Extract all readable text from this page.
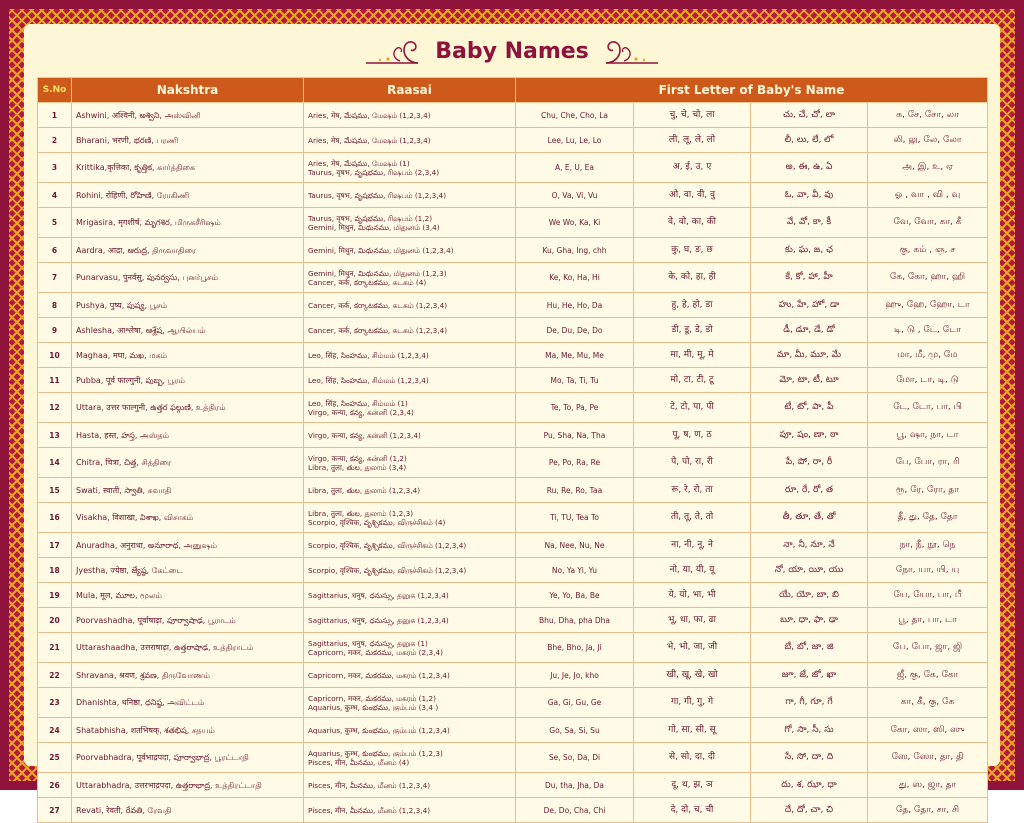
Baby Names
S.No	Nakshtra	Raasai	First Letter of Baby's Name			
1	Ashwini, अश्विनी, అశ్విని, அஸ்வினி	Aries, मेष, మేషము, மேஷம் (1,2,3,4)	Chu, Che, Cho, La	चु, चे, चो, ला	చు, చే, చో, లా	சு, சே, சோ, லா
2	Bharani, भरणी, భరణి, பரணி	Aries, मेष, మేషము, மேஷம் (1,2,3,4)	Lee, Lu, Le, Lo	ली, लू, ले, लो	లీ, లు, లే, లో	லி, லு, லே, லோ
3	Krittika,कृत्तिका, కృత్తిక, கார்த்திகை	Aries, मेष, మేషము, மேஷம் (1)
Taurus, वृषभ, వృషభము, ரிஷபம் (2,3,4)	A, E, U, Ea	अ, ई, उ, ए	అ, ఈ, ఉ, ఏ	அ, இ, உ, ஏ
4	Rohini, रोहिणी, రోహిణి, ரோகிணி	Taurus, वृषभ, వృషభము, ரிஷபம் (1,2,3,4)	O, Va, Vi, Vu	ओ, वा, वी, वु	ఓ, వా, వీ, వు	ஓ , வா , வி , வு
5	Mrigasira, मृगशीर्ष, మృగశిర, மிருகசீரிஷம்	Taurus, वृषभ, వృషభము, ரிஷபம் (1,2)
Gemini, मिथुन, మిథునము, மிதுனம் (3,4)	We Wo, Ka, Ki	वे, वो, का, की	వే, వో, కా, కీ	வே, வோ, கா, கீ
6	Aardra, आद्रा, ఆరుద్ర, திருவாதிரை	Gemini, मिथुन, మిథునము, மிதுனம் (1,2,3,4)	Ku, Gha, Ing, chh	कु, घ, ङ, छ	కు, ఘ, ఙ, ఛ	கு, கம் , ஞ, ச
7	Punarvasu, पुनर्वसु, పునర్వసు, புனர்பூசம்	Gemini, मिथुन, మిథునము, மிதுனம் (1,2,3)
Cancer, कर्क, కర్కాటకము, கடகம் (4)	Ke, Ko, Ha, Hi	के, को, हा, ही	కే, కో, హా, హీ	கே, கோ, ஹா, ஹி
8	Pushya, पुष्य, పుష్య, பூசம்	Cancer, कर्क, కర్కాటకము, கடகம் (1,2,3,4)	Hu, He, Ho, Da	हु, हे, हो, डा	హు, హే, హో, డా	ஹு, ஹே, ஹோ, டா
9	Ashlesha, आश्लेषा, ఆశ్లేష, ஆயில்யம்	Cancer, कर्क, కర్కాటకము, கடகம் (1,2,3,4)	De, Du, De, Do	डी, डू, डे, डो	డీ, డూ, డే, డో	டி, டு , டே, டோ
10	Maghaa, मघा, మఖ, மகம்	Leo, सिंह, సింహము, சிம்மம் (1,2,3,4)	Ma, Me, Mu, Me	मा, मी, मू, मे	మా, మీ, మూ, మే	மா, மீ, மு, மே
11	Pubba, पूर्व फाल्गुनी, పుబ్బ, பூரம்	Leo, सिंह, సింహము, சிம்மம் (1,2,3,4)	Mo, Ta, Ti, Tu	मो, टा, टी, टू	మో, టా, టీ, టూ	மோ, டா, டி, டு
12	Uttara, उत्तर फाल्गुनी, ఉత్తర ఫల్గుణి, உத்திரம்	Leo, सिंह, సింహము, சிம்மம் (1)
Virgo, कन्या, కన్య, கன்னி (2,3,4)	Te, To, Pa, Pe	टे, टो, पा, पी	టే, టో, పా, పీ	டே, டோ, பா, பி
13	Hasta, हस्त, హస్త, அஸ்தம்	Virgo, कन्या, కన్య, கன்னி (1,2,3,4)	Pu, Sha, Na, Tha	पू, ष, ण, ठ	పూ, షం, ణా, ఠా	பூ, ஷா, நா, டா
14	Chitra, चित्रा, చిత్త, சித்திரை	Virgo, कन्या, కన్య, கன்னி (1,2)
Libra, तुला, తుల, துலாம் (3,4)	Pe, Po, Ra, Re	पे, पो, रा, री	పే, పో, రా, రీ	பே, போ, ரா, ரி
15	Swati, स्वाती, స్వాతి, சுவாதி	Libra, तुला, తుల, துலாம் (1,2,3,4)	Ru, Re, Ro, Taa	रू, रे, रो, ता	రూ, రే, రో, త	ரூ, ரே, ரோ, தா
16	Visakha, विशाखा, విశాఖ, விசாகம்	Libra, तुला, తుల, துலாம் (1,2,3)
Scorpio, वृश्चिक, వృశ్చికము, விருச்சிகம் (4)	Ti, TU, Tea To	ती, तू, ते, तो	తీ, తూ, తే, తో	தீ, து, தே, தோ
17	Anuradha, अनुराधा, అనూరాధ, அனுஷம்	Scorpio, वृश्चिक, వృశ్చికము, விருச்சிகம் (1,2,3,4)	Na, Nee, Nu, Ne	ना, नी, नू, ने	నా, నీ, నూ, నే	நா, நீ, நூ, நெ
18	Jyestha, ज्येष्ठा, జ్యేష్ఠ, கேட்டை	Scorpio, वृश्चिक, వృశ్చికము, விருச்சிகம் (1,2,3,4)	No, Ya Yi, Yu	नो, या, यी, यू	నో, యా, యీ, యు	நோ, யா, யி, யு
19	Mula, मूल, మూల, மூலம்	Sagittarius, धनुष, ధనుస్సు, தனுசு (1,2,3,4)	Ye, Yo, Ba, Be	ये, यो, भा, भी	యే, యో, బా, బి	யே, யோ, பா, பீ
20	Poorvashadha, पूर्वाषाढ़ा, పూర్వాషాఢ, பூராடம்	Sagittarius, धनुष, ధనుస్సు, தனுசு (1,2,3,4)	Bhu, Dha, pha Dha	भू, धा, फा, ढा	బూ, ధా, ఫా, ఢా	பூ, தா, பா, டா
21	Uttarashaadha, उत्तराषाढ़ा, ఉత్తరాషాఢ, உத்திராடம்	Sagittarius, धनुष, ధనుస్సు, தனுசு (1)
Capricorn, मकर, మకరము, மகரம் (2,3,4)	Bhe, Bho, Ja, Ji	भे, भो, जा, जी	బే, బో, జా, జి	பே, போ, ஜா, ஜி
22	Shravana, श्रवण, శ్రవణ, திருவோணம்	Capricorn, मकर, మకరము, மகரம் (1,2,3,4)	Ju, Je, Jo, kho	खी, खू, खे, खो	జూ, జే, జో, ఖా	ஜீ, கு, கே, கோ
23	Dhanishta, धनिष्ठा, ధనిష్ఠ, அவிட்டம்	Capricorn, मकर, మకరము, மகரம் (1,2)
Aquarius, कुम्भ, కుంభము, கும்பம் (3,4 )	Ga, Gi, Gu, Ge	गा, गी, गु, गे	గా, గీ, గూ, గే	கா, கீ, கு, கே
24	Shatabhisha, शतभिषक्, శతభిష, சதயம்	Aquarius, कुम्भ, కుంభము, கும்பம் (1,2,3,4)	Go, Sa, Si, Su	गो, सा, सी, सू	గో, సా, సీ, సు	கோ, ஸா, ஸி, ஸு
25	Poorvabhadra, पूर्वभाद्रपदा, పూర్వాభాద్ర, பூரட்டாதி	Aquarius, कुम्भ, కుంభము, கும்பம் (1,2,3)
Pisces, मीन, మీనము, மீனம் (4)	Se, So, Da, Di	से, सो, दा, दी	సే, సో, దా, ది	ஸே, ஸோ, தா, தி
26	Uttarabhadra, उत्तरभाद्रपदा, ఉత్తరాభాద్ర, உத்திரட்டாதி	Pisces, मीन, మీనము, மீனம் (1,2,3,4)	Du, tha, Jha, Da	दू, थ, झ, ञ	దు, శ, ఝా, ధా	து, ஸ, ஜா, தா
27	Revati, रेवती, రేవతి, ரேவதி	Pisces, मीन, మీనము, மீனம் (1,2,3,4)	De, Do, Cha, Chi	दे, दो, च, ची	దే, దో, చా, చి	தே, தோ, சா, சி
